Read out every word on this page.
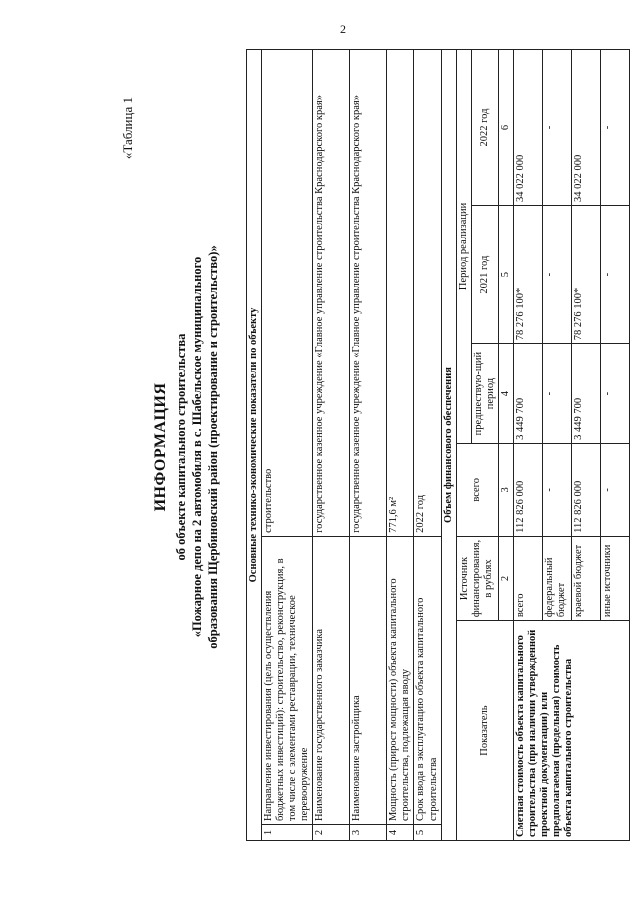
2
«Таблица 1
ИНФОРМАЦИЯ об объекте капитального строительства «Пожарное депо на 2 автомобиля в с. Шабельское муниципального образования Щербиновский район (проектирование и строительство)»	Основные технико-экономические показатели по объекту						
1	Направление инвестирования (цель осуществления бюджетных инвестиций): строительство, реконструкция, в том числе с элементами реставрации, техническое перевооружение		строительство			
2	Наименование государственного заказчика		государственное казенное учреждение «Главное управление строительства Краснодарского края»			
3	Наименование застройщика		государственное казенное учреждение «Главное управление строительства Краснодарского края»			
4	Мощность (прирост мощности) объекта капитального строительства, подлежащая вводу		771,6 м²			
5	Срок ввода в эксплуатацию объекта капитального строительства		2022 год			
Объем финансового обеспечения						
Показатель		Источник финансирования, в рублях	всего	Период реализации		
				предшествую-щий период	2021 год	2022 год
		2	3	4	5	6
Сметная стоимость объекта капитального строительства (при наличии утвержденной проектной документации) или предполагаемая (предельная) стоимость объекта капитального строительства		всего	112 826 000	3 449 700	78 276 100*	34 022 000
		федеральный бюджет	-	-	-	-
		краевой бюджет	112 826 000	3 449 700	78 276 100*	34 022 000
		иные источники	-	-	-	-
